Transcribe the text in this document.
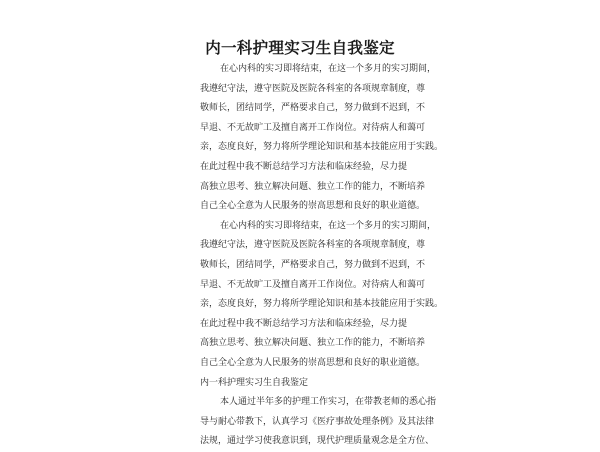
内一科护理实习生自我鉴定
在心内科的实习即将结束，在这一个多月的实习期间，
我遵纪守法，遵守医院及医院各科室的各项规章制度，尊
敬师长，团结同学，严格要求自己，努力做到不迟到，不
早退、不无故旷工及擅自离开工作岗位。对待病人和蔼可
亲，态度良好，努力将所学理论知识和基本技能应用于实践。
在此过程中我不断总结学习方法和临床经验，尽力提
高独立思考、独立解决问题、独立工作的能力，不断培养
自己全心全意为人民服务的崇高思想和良好的职业道德。
在心内科的实习即将结束，在这一个多月的实习期间，
我遵纪守法，遵守医院及医院各科室的各项规章制度，尊
敬师长，团结同学，严格要求自己，努力做到不迟到，不
早退、不无故旷工及擅自离开工作岗位。对待病人和蔼可
亲，态度良好，努力将所学理论知识和基本技能应用于实践。
在此过程中我不断总结学习方法和临床经验，尽力提
高独立思考、独立解决问题、独立工作的能力，不断培养
自己全心全意为人民服务的崇高思想和良好的职业道德。
内一科护理实习生自我鉴定
本人通过半年多的护理工作实习，在带教老师的悉心指
导与耐心带教下，认真学习《医疗事故处理条例》及其法律
法规，通过学习使我意识到，现代护理质量观念是全方位、
